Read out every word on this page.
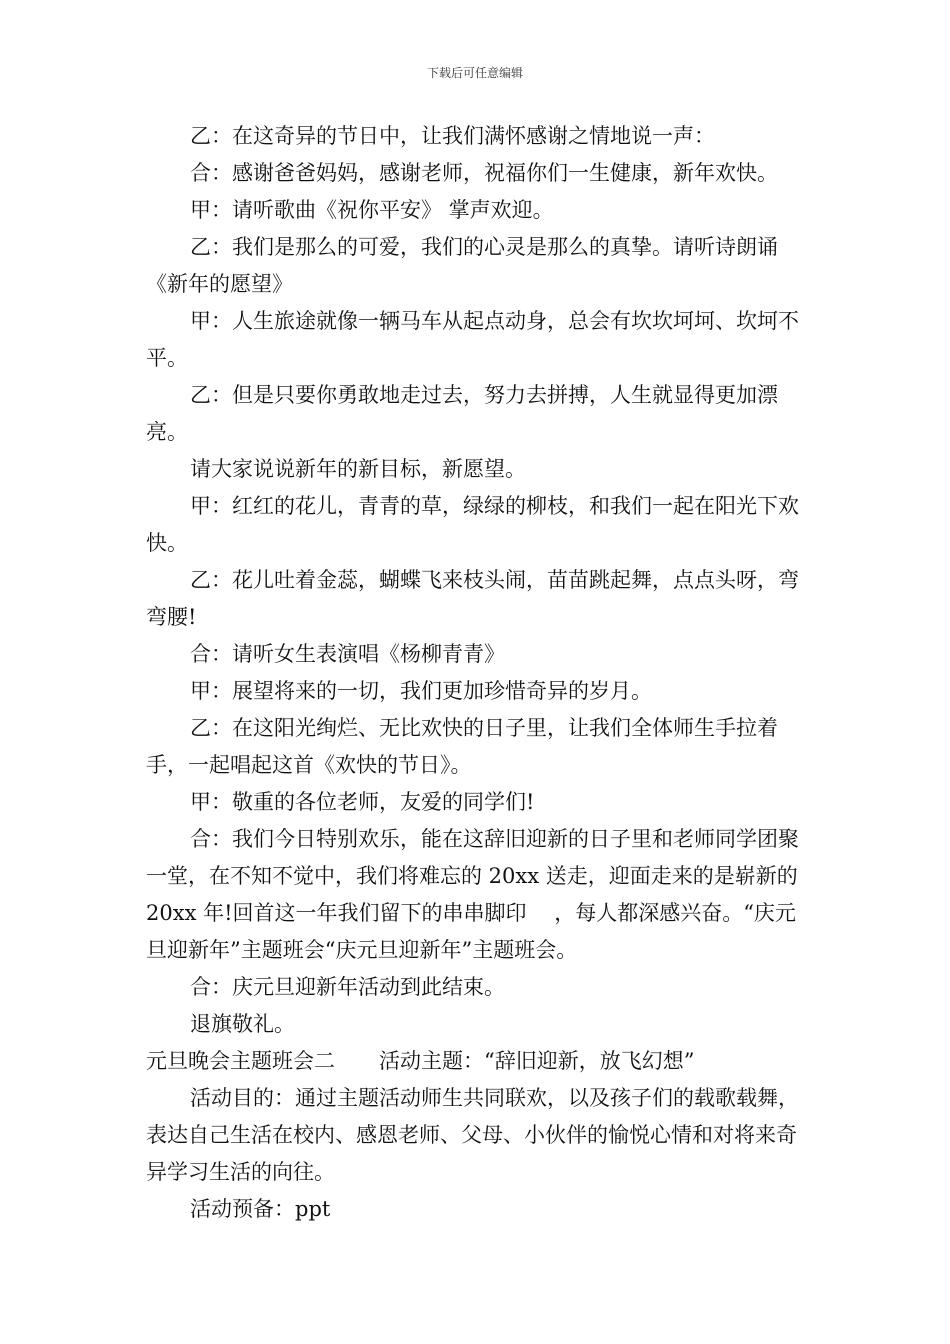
下载后可任意编辑

乙：在这奇异的节日中，让我们满怀感谢之情地说一声：

合：感谢爸爸妈妈，感谢老师，祝福你们一生健康，新年欢快。

甲：请听歌曲《祝你平安》 掌声欢迎。

乙：我们是那么的可爱，我们的心灵是那么的真挚。请听诗朗诵《新年的愿望》

甲：人生旅途就像一辆马车从起点动身，总会有坎坎坷坷、坎坷不平。

乙：但是只要你勇敢地走过去，努力去拼搏，人生就显得更加漂亮。

请大家说说新年的新目标，新愿望。

甲：红红的花儿，青青的草，绿绿的柳枝，和我们一起在阳光下欢快。

乙：花儿吐着金蕊，蝴蝶飞来枝头闹，苗苗跳起舞，点点头呀，弯弯腰!

合：请听女生表演唱《杨柳青青》

甲：展望将来的一切，我们更加珍惜奇异的岁月。

乙：在这阳光绚烂、无比欢快的日子里，让我们全体师生手拉着手，一起唱起这首《欢快的节日》。

甲：敬重的各位老师，友爱的同学们!

合：我们今日特别欢乐，能在这辞旧迎新的日子里和老师同学团聚一堂，在不知不觉中，我们将难忘的 20xx 送走，迎面走来的是崭新的 20xx 年!回首这一年我们留下的串串脚印　 ，每人都深感兴奋。“庆元旦迎新年”主题班会“庆元旦迎新年”主题班会。

合：庆元旦迎新年活动到此结束。

退旗敬礼。

元旦晚会主题班会二 活动主题：“辞旧迎新，放飞幻想”

活动目的：通过主题活动师生共同联欢，以及孩子们的载歌载舞，表达自己生活在校内、感恩老师、父母、小伙伴的愉悦心情和对将来奇异学习生活的向往。

活动预备：ppt
